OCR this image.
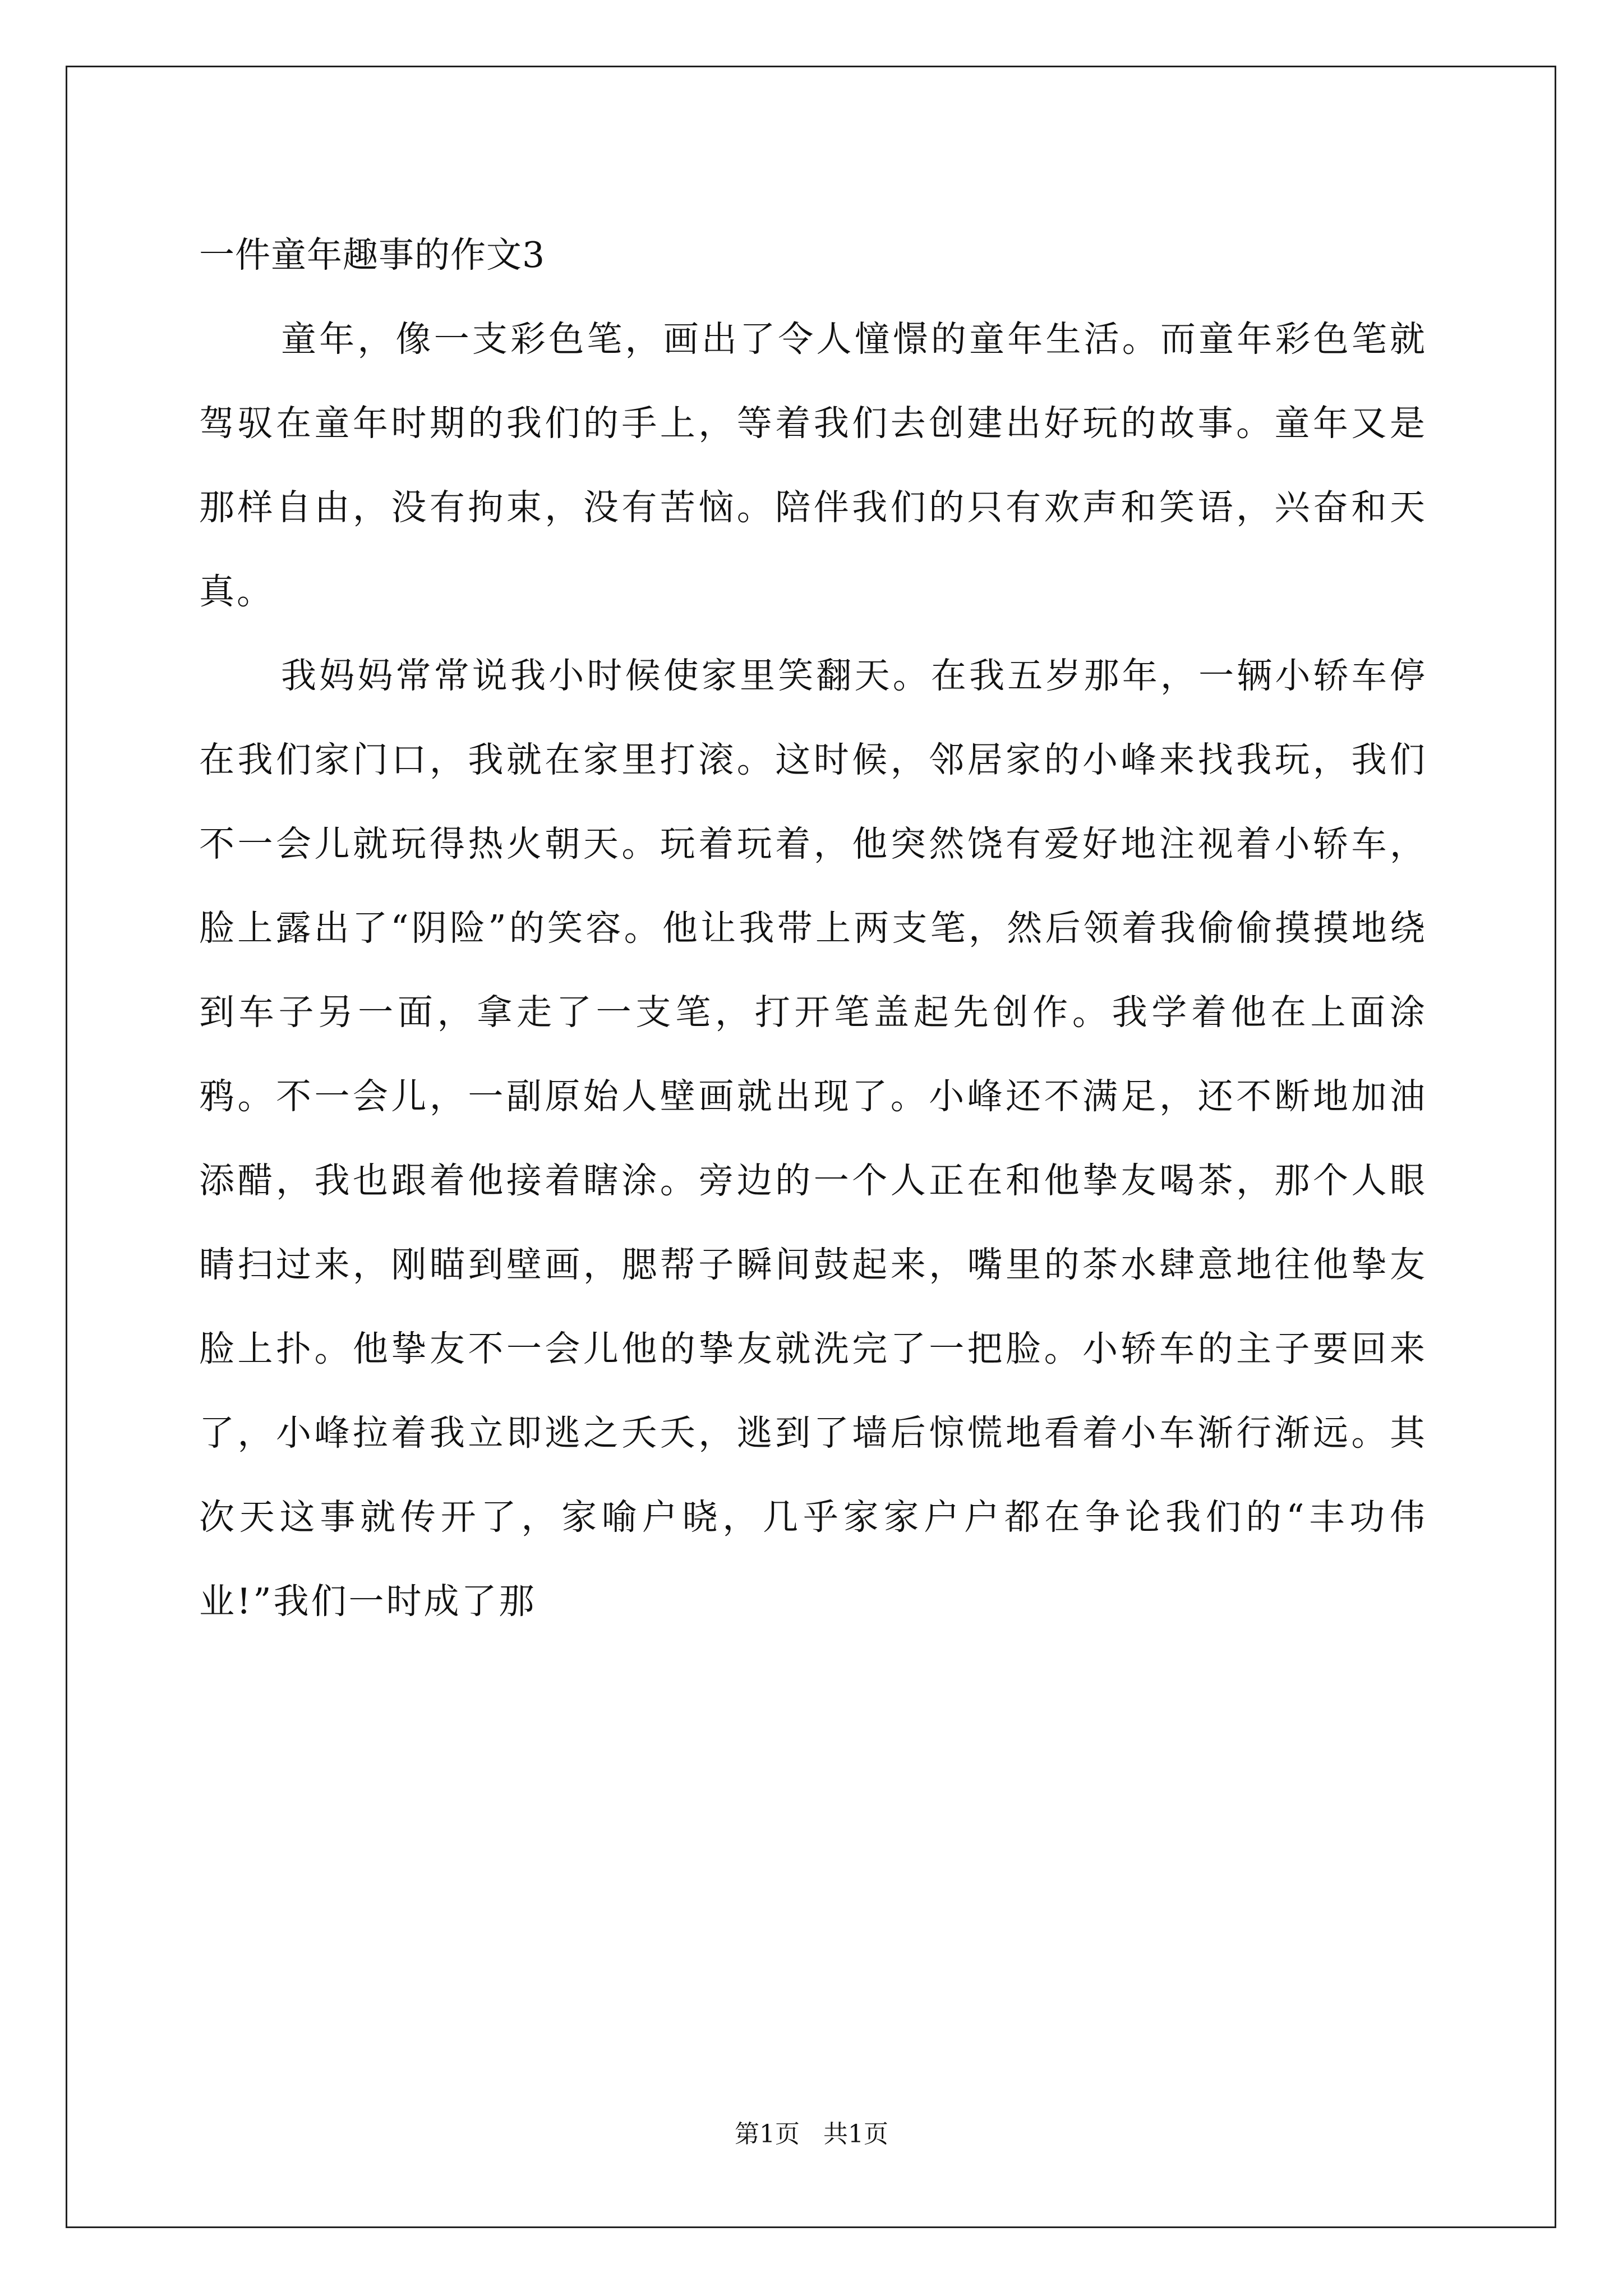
一件童年趣事的作文3

童年，像一支彩色笔，画出了令人憧憬的童年生活。而童年彩色笔就驾驭在童年时期的我们的手上，等着我们去创建出好玩的故事。童年又是那样自由，没有拘束，没有苦恼。陪伴我们的只有欢声和笑语，兴奋和天真。

我妈妈常常说我小时候使家里笑翻天。在我五岁那年，一辆小轿车停在我们家门口，我就在家里打滚。这时候，邻居家的小峰来找我玩，我们不一会儿就玩得热火朝天。玩着玩着，他突然饶有爱好地注视着小轿车，脸上露出了“阴险”的笑容。他让我带上两支笔，然后领着我偷偷摸摸地绕到车子另一面，拿走了一支笔，打开笔盖起先创作。我学着他在上面涂鸦。不一会儿，一副原始人壁画就出现了。小峰还不满足，还不断地加油添醋，我也跟着他接着瞎涂。旁边的一个人正在和他挚友喝茶，那个人眼睛扫过来，刚瞄到壁画，腮帮子瞬间鼓起来，嘴里的茶水肆意地往他挚友脸上扑。他挚友不一会儿他的挚友就洗完了一把脸。小轿车的主子要回来了，小峰拉着我立即逃之夭夭，逃到了墙后惊慌地看着小车渐行渐远。其次天这事就传开了，家喻户晓，几乎家家户户都在争论我们的“丰功伟业!”我们一时成了那

第1页 共1页
